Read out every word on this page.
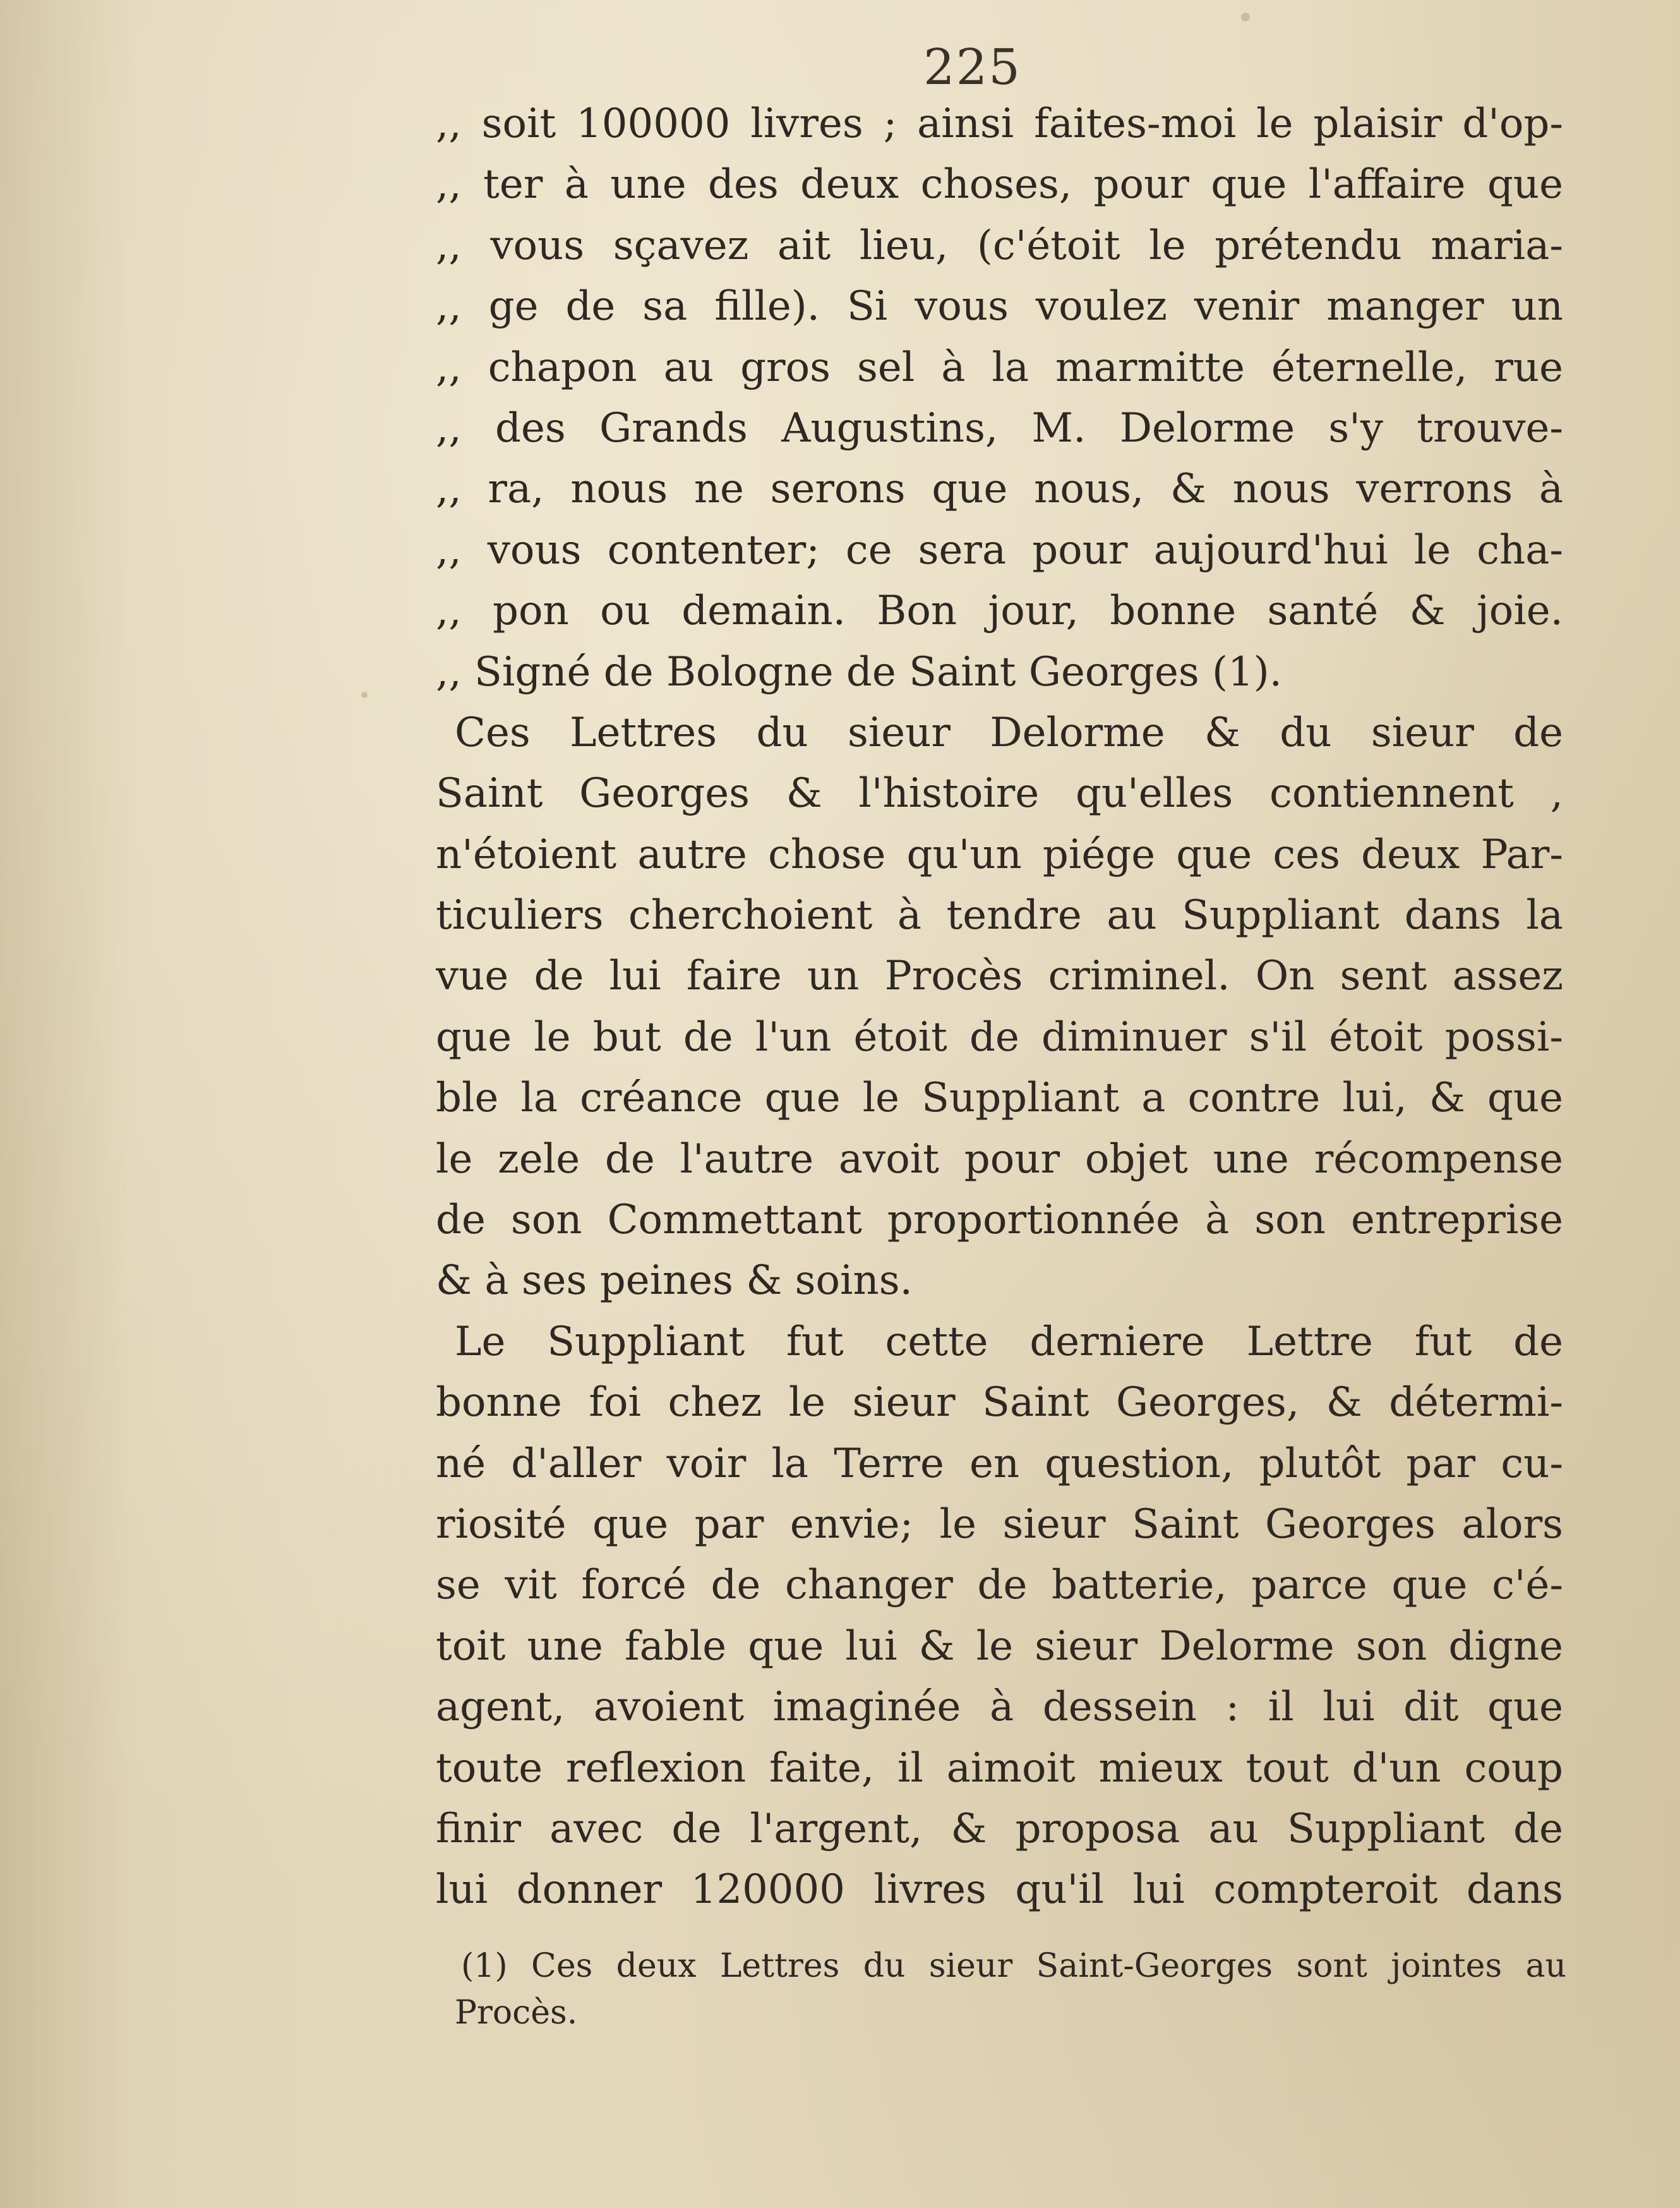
225
,, soit 100000 livres ; ainsi faites-moi le plaisir d'op-
,, ter à une des deux choses, pour que l'affaire que
,, vous sçavez ait lieu, (c'étoit le prétendu maria-
,, ge de sa fille). Si vous voulez venir manger un
,, chapon au gros sel à la marmitte éternelle, rue
,, des Grands Augustins, M. Delorme s'y trouve-
,, ra, nous ne serons que nous, & nous verrons à
,, vous contenter; ce sera pour aujourd'hui le cha-
,, pon ou demain. Bon jour, bonne santé & joie.
,, Signé de Bologne de Saint Georges (1).
Ces Lettres du sieur Delorme & du sieur de
Saint Georges & l'histoire qu'elles contiennent ,
n'étoient autre chose qu'un piége que ces deux Par-
ticuliers cherchoient à tendre au Suppliant dans la
vue de lui faire un Procès criminel. On sent assez
que le but de l'un étoit de diminuer s'il étoit possi-
ble la créance que le Suppliant a contre lui, & que
le zele de l'autre avoit pour objet une récompense
de son Commettant proportionnée à son entreprise
& à ses peines & soins.
Le Suppliant fut cette derniere Lettre fut de
bonne foi chez le sieur Saint Georges, & détermi-
né d'aller voir la Terre en question, plutôt par cu-
riosité que par envie; le sieur Saint Georges alors
se vit forcé de changer de batterie, parce que c'é-
toit une fable que lui & le sieur Delorme son digne
agent, avoient imaginée à dessein : il lui dit que
toute reflexion faite, il aimoit mieux tout d'un coup
finir avec de l'argent, & proposa au Suppliant de
lui donner 120000 livres qu'il lui compteroit dans
(1) Ces deux Lettres du sieur Saint-Georges sont jointes au
Procès.
